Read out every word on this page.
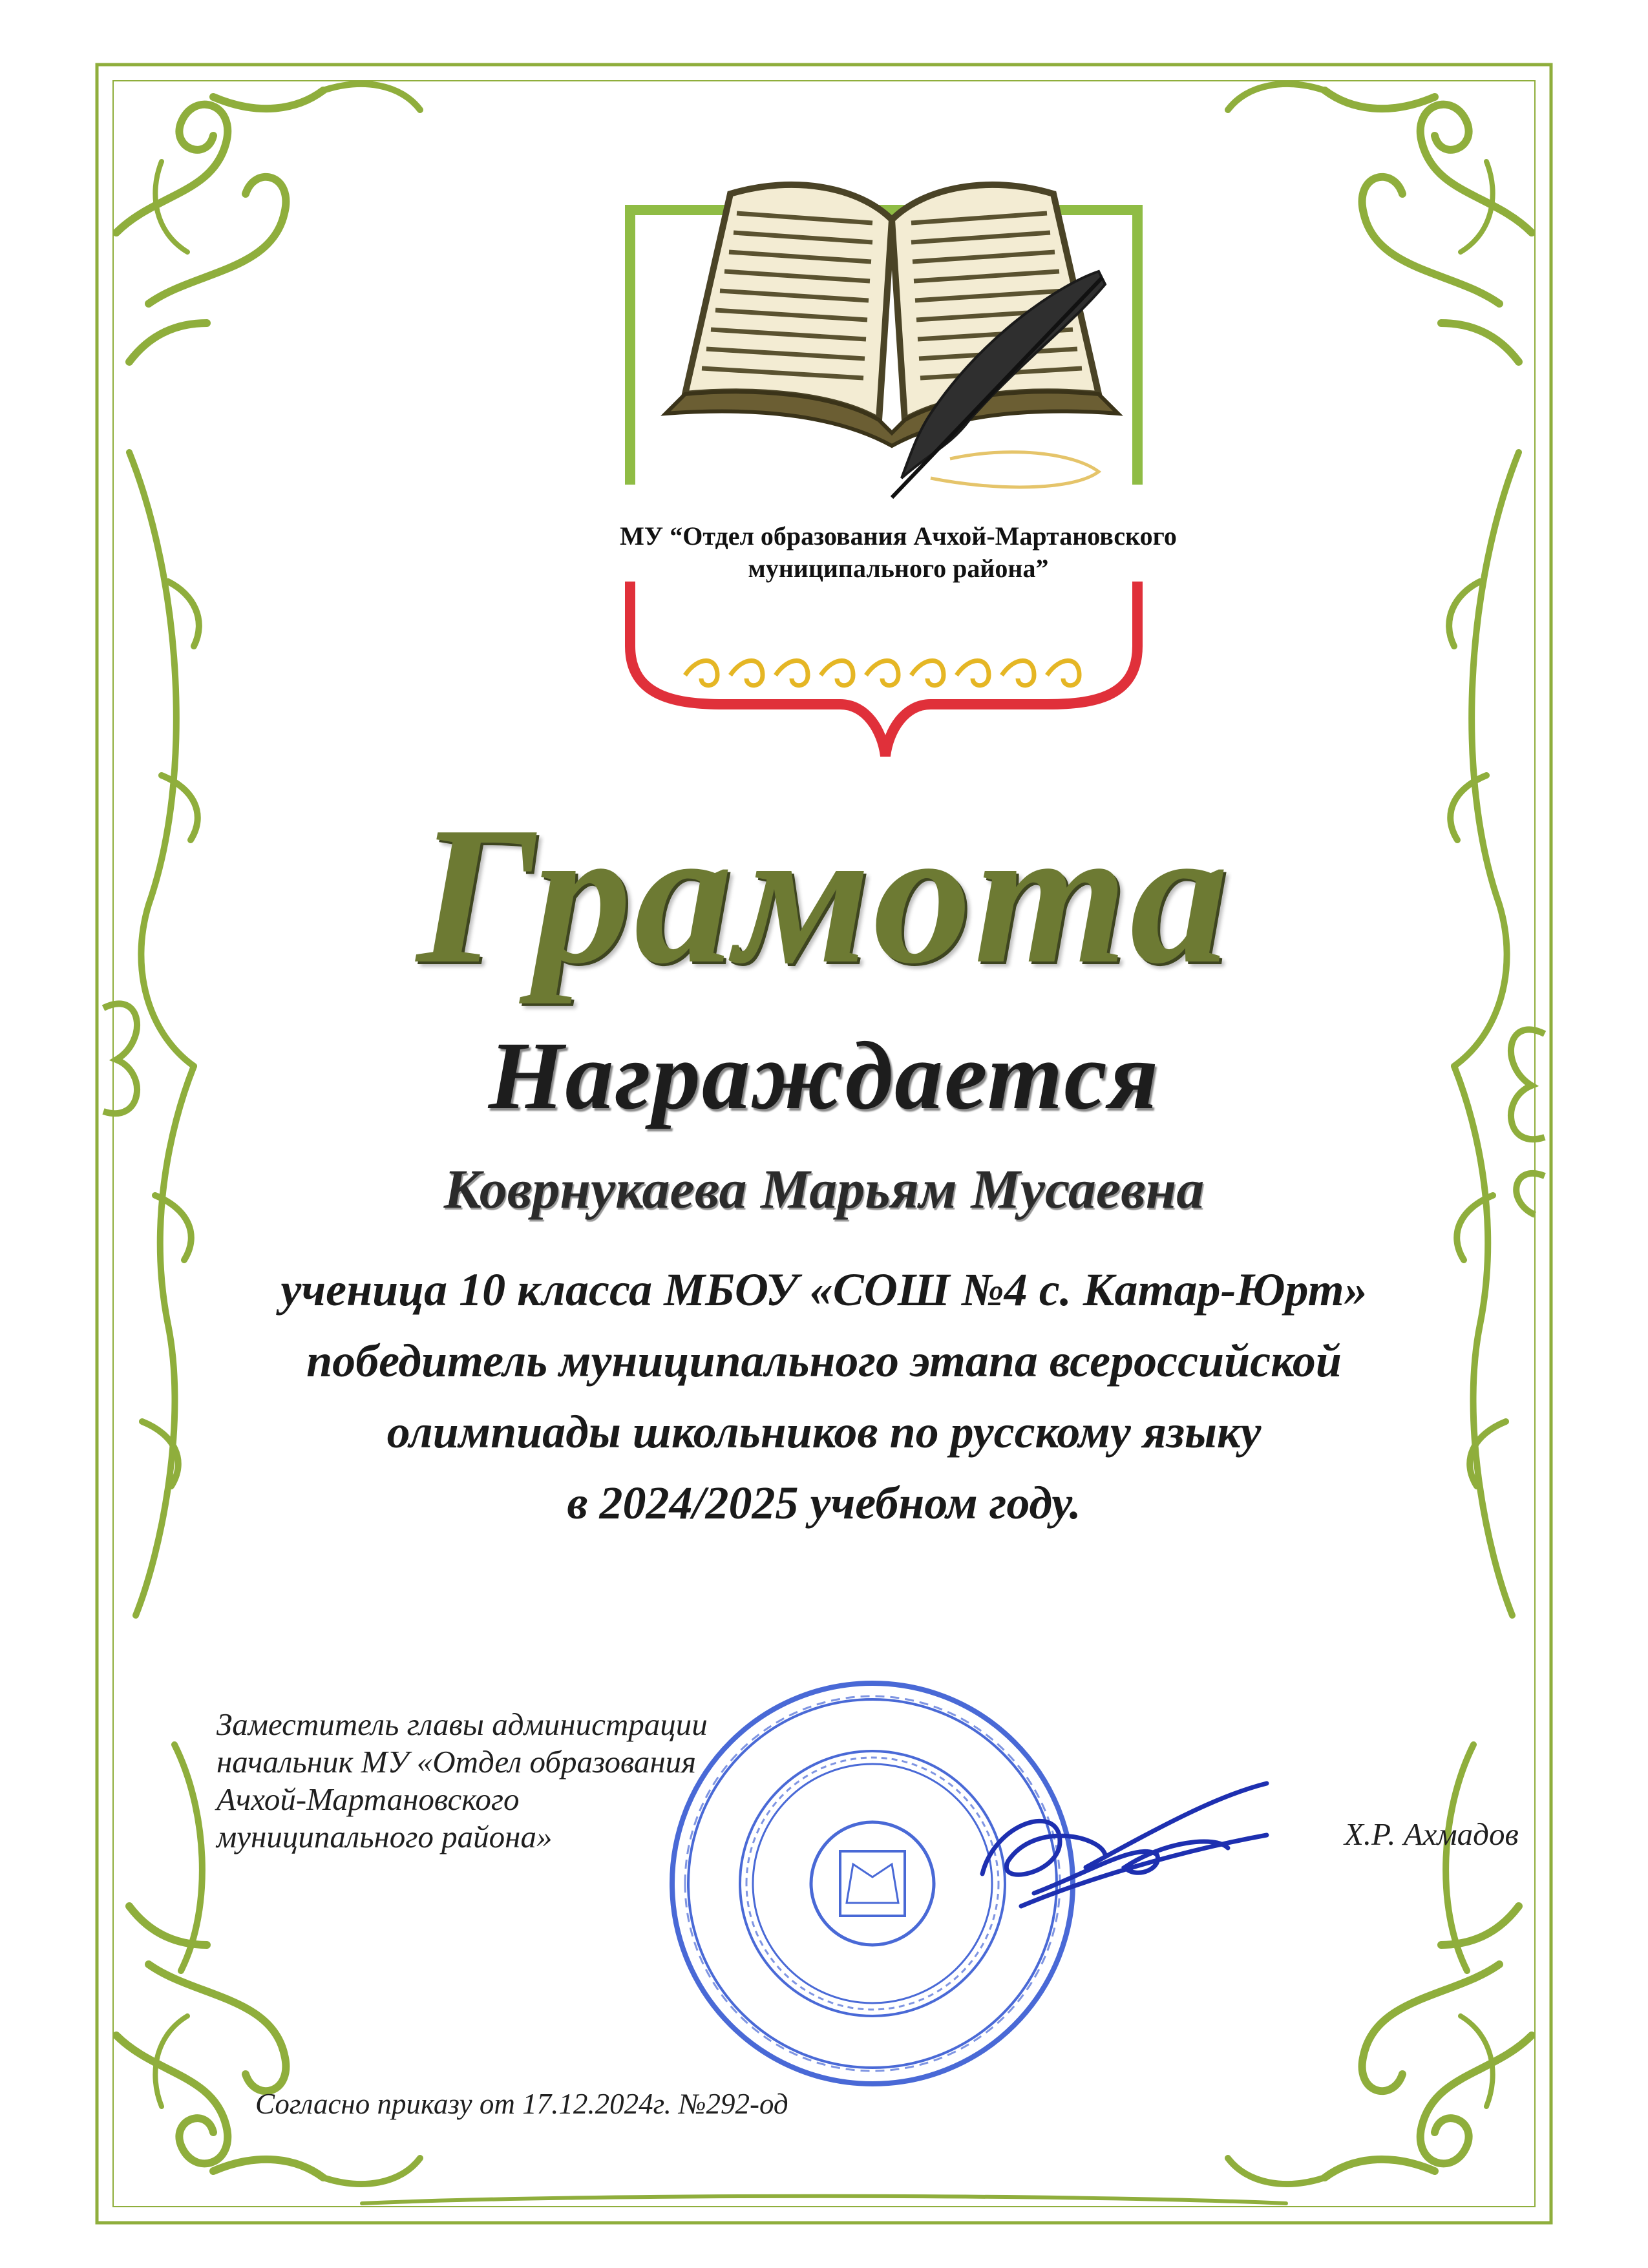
МУ “Отдел образования Ачхой-Мартановского
муниципального района”
Грамота
Награждается
Коврнукаева Марьям Мусаевна
ученица 10 класса МБОУ «СОШ №4 с. Катар-Юрт»
победитель муниципального этапа всероссийской
олимпиады школьников по русскому языку
в 2024/2025 учебном году.
Заместитель главы администрации
начальник МУ «Отдел образования
Ачхой-Мартановского
муниципального района»	Х.Р. Ахмадов
Согласно приказу от 17.12.2024г. №292-од
